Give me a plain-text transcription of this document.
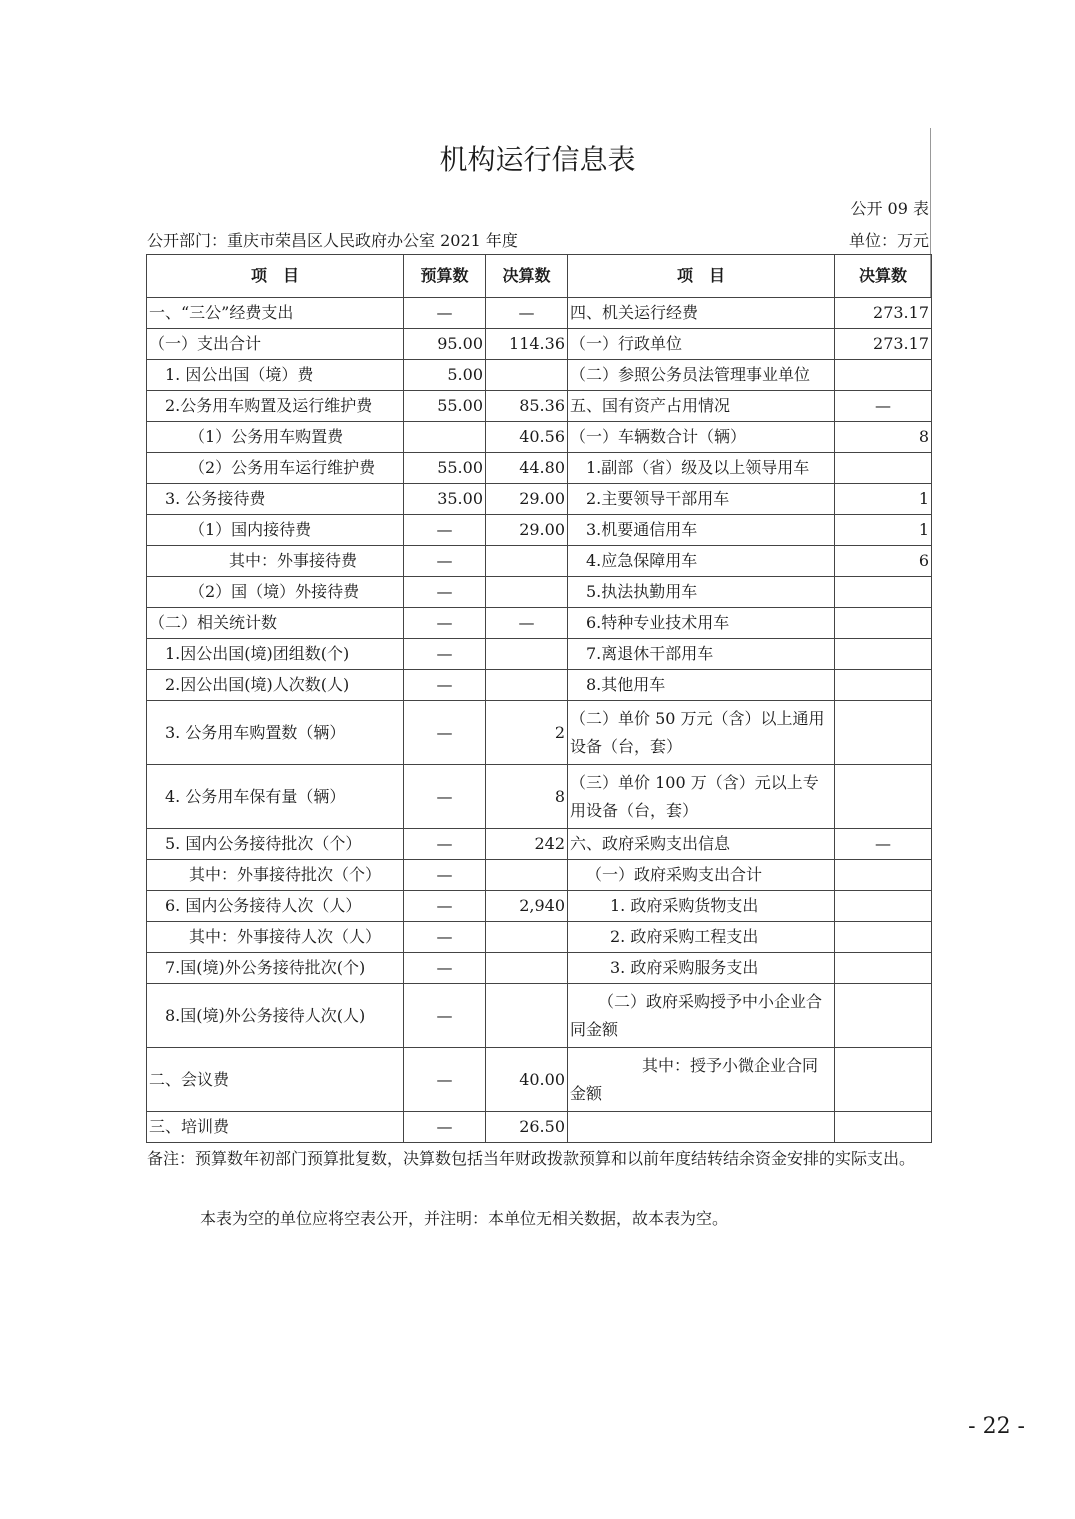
机构运行信息表
公开 09 表
公开部门：重庆市荣昌区人民政府办公室 2021 年度	单位：万元
项　目	预算数	决算数	项　目	决算数
一、“三公”经费支出	—	—	四、机关运行经费	273.17
（一）支出合计	95.00	114.36	（一）行政单位	273.17
1. 因公出国（境）费	5.00		（二）参照公务员法管理事业单位	
2.公务用车购置及运行维护费	55.00	85.36	五、国有资产占用情况	—
（1）公务用车购置费		40.56	（一）车辆数合计（辆）	8
（2）公务用车运行维护费	55.00	44.80	1.副部（省）级及以上领导用车	
3. 公务接待费	35.00	29.00	2.主要领导干部用车	1
（1）国内接待费	—	29.00	3.机要通信用车	1
其中：外事接待费	—		4.应急保障用车	6
（2）国（境）外接待费	—		5.执法执勤用车	
（二）相关统计数	—	—	6.特种专业技术用车	
1.因公出国(境)团组数(个)	—		7.离退休干部用车	
2.因公出国(境)人次数(人)	—		8.其他用车	
3. 公务用车购置数（辆）	—	2	（二）单价 50 万元（含）以上通用设备（台，套）	
4. 公务用车保有量（辆）	—	8	（三）单价 100 万（含）元以上专用设备（台，套）	
5. 国内公务接待批次（个）	—	242	六、政府采购支出信息	—
其中：外事接待批次（个）	—		（一）政府采购支出合计	
6. 国内公务接待人次（人）	—	2,940	1. 政府采购货物支出	
其中：外事接待人次（人）	—		2. 政府采购工程支出	
7.国(境)外公务接待批次(个)	—		3. 政府采购服务支出	
8.国(境)外公务接待人次(人)	—		（二）政府采购授予中小企业合同金额	
二、会议费	—	40.00	其中：授予小微企业合同金额	
三、培训费	—	26.50		
备注：预算数年初部门预算批复数，决算数包括当年财政拨款预算和以前年度结转结余资金安排的实际支出。
本表为空的单位应将空表公开，并注明：本单位无相关数据，故本表为空。
- 22 -
